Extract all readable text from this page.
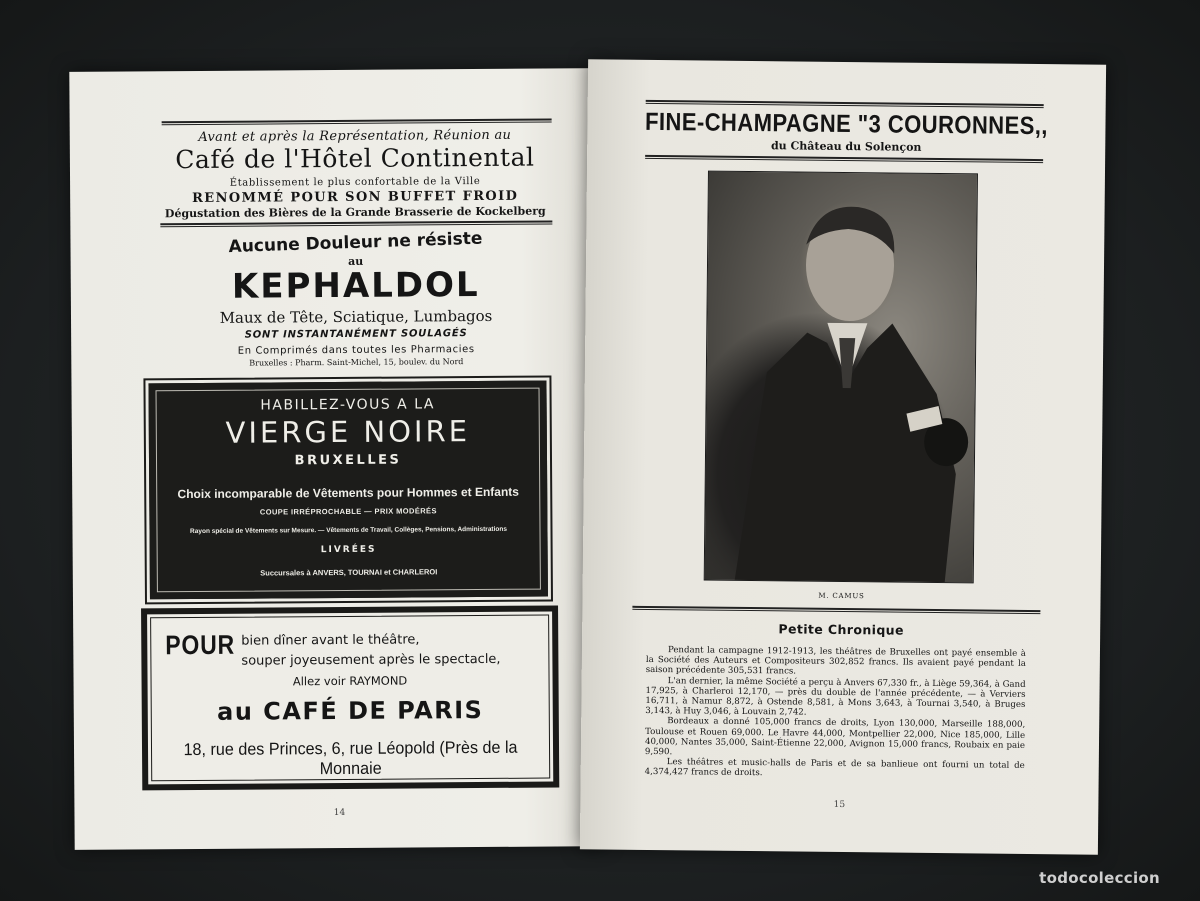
Avant et après la Représentation, Réunion au
Café de l'Hôtel Continental
Établissement le plus confortable de la Ville
RENOMMÉ POUR SON BUFFET FROID
Dégustation des Bières de la Grande Brasserie de Kockelberg
Aucune Douleur ne résiste
au
KEPHALDOL
Maux de Tête, Sciatique, Lumbagos
SONT INSTANTANÉMENT SOULAGÉS
En Comprimés dans toutes les Pharmacies
Bruxelles : Pharm. Saint-Michel, 15, boulev. du Nord
HABILLEZ-VOUS A LA
VIERGE NOIRE
BRUXELLES
Choix incomparable de Vêtements pour Hommes et Enfants
COUPE IRRÉPROCHABLE — PRIX MODÉRÉS
Rayon spécial de Vêtements sur Mesure. — Vêtements de Travail, Collèges, Pensions, Administrations
LIVRÉES
Succursales à ANVERS, TOURNAI et CHARLEROI
POUR bien dîner avant le théâtre,
souper joyeusement après le spectacle,
Allez voir RAYMOND
au CAFÉ DE PARIS
18, rue des Princes, 6, rue Léopold (Près de la Monnaie
14
FINE-CHAMPAGNE "3 COURONNES,,
du Château du Solençon
M. CAMUS
Petite Chronique

Pendant la campagne 1912-1913, les théâtres de Bruxelles ont payé ensemble à la Société des Auteurs et Compositeurs 302,852 francs. Ils avaient payé pendant la saison précédente 305,531 francs.

L'an dernier, la même Société a perçu à Anvers 67,330 fr., à Liège 59,364, à Gand 17,925, à Charleroi 12,170, — près du double de l'année précédente, — à Verviers 16,711, à Namur 8,872, à Ostende 8,581, à Mons 3,643, à Tournai 3,540, à Bruges 3,143, à Huy 3,046, à Louvain 2,742.

Bordeaux a donné 105,000 francs de droits, Lyon 130,000, Marseille 188,000, Toulouse et Rouen 69,000. Le Havre 44,000, Montpellier 22,000, Nice 185,000, Lille 40,000, Nantes 35,000, Saint-Étienne 22,000, Avignon 15,000 francs, Roubaix en paie 9,590.

Les théâtres et music-halls de Paris et de sa banlieue ont fourni un total de 4,374,427 francs de droits.

15
todocoleccion
